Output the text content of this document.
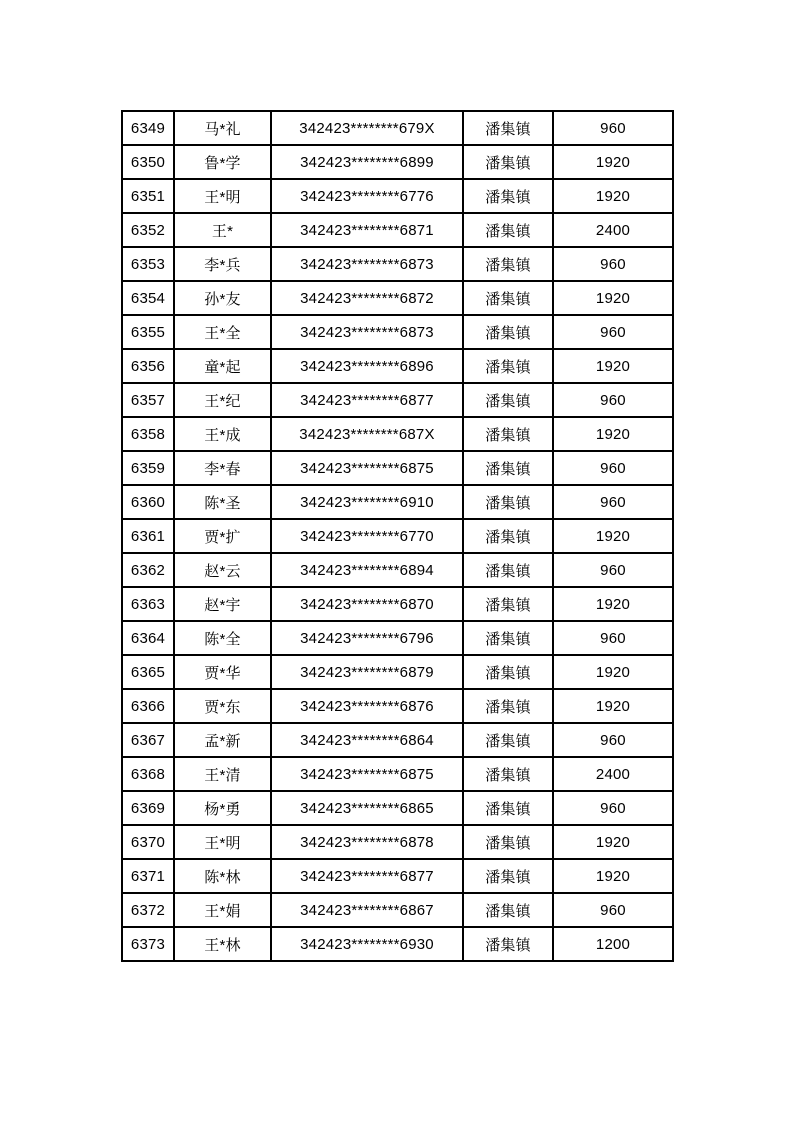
6349	马*礼	342423********679X	潘集镇	960
6350	鲁*学	342423********6899	潘集镇	1920
6351	王*明	342423********6776	潘集镇	1920
6352	王*	342423********6871	潘集镇	2400
6353	李*兵	342423********6873	潘集镇	960
6354	孙*友	342423********6872	潘集镇	1920
6355	王*全	342423********6873	潘集镇	960
6356	童*起	342423********6896	潘集镇	1920
6357	王*纪	342423********6877	潘集镇	960
6358	王*成	342423********687X	潘集镇	1920
6359	李*春	342423********6875	潘集镇	960
6360	陈*圣	342423********6910	潘集镇	960
6361	贾*扩	342423********6770	潘集镇	1920
6362	赵*云	342423********6894	潘集镇	960
6363	赵*宇	342423********6870	潘集镇	1920
6364	陈*全	342423********6796	潘集镇	960
6365	贾*华	342423********6879	潘集镇	1920
6366	贾*东	342423********6876	潘集镇	1920
6367	孟*新	342423********6864	潘集镇	960
6368	王*清	342423********6875	潘集镇	2400
6369	杨*勇	342423********6865	潘集镇	960
6370	王*明	342423********6878	潘集镇	1920
6371	陈*林	342423********6877	潘集镇	1920
6372	王*娟	342423********6867	潘集镇	960
6373	王*林	342423********6930	潘集镇	1200
